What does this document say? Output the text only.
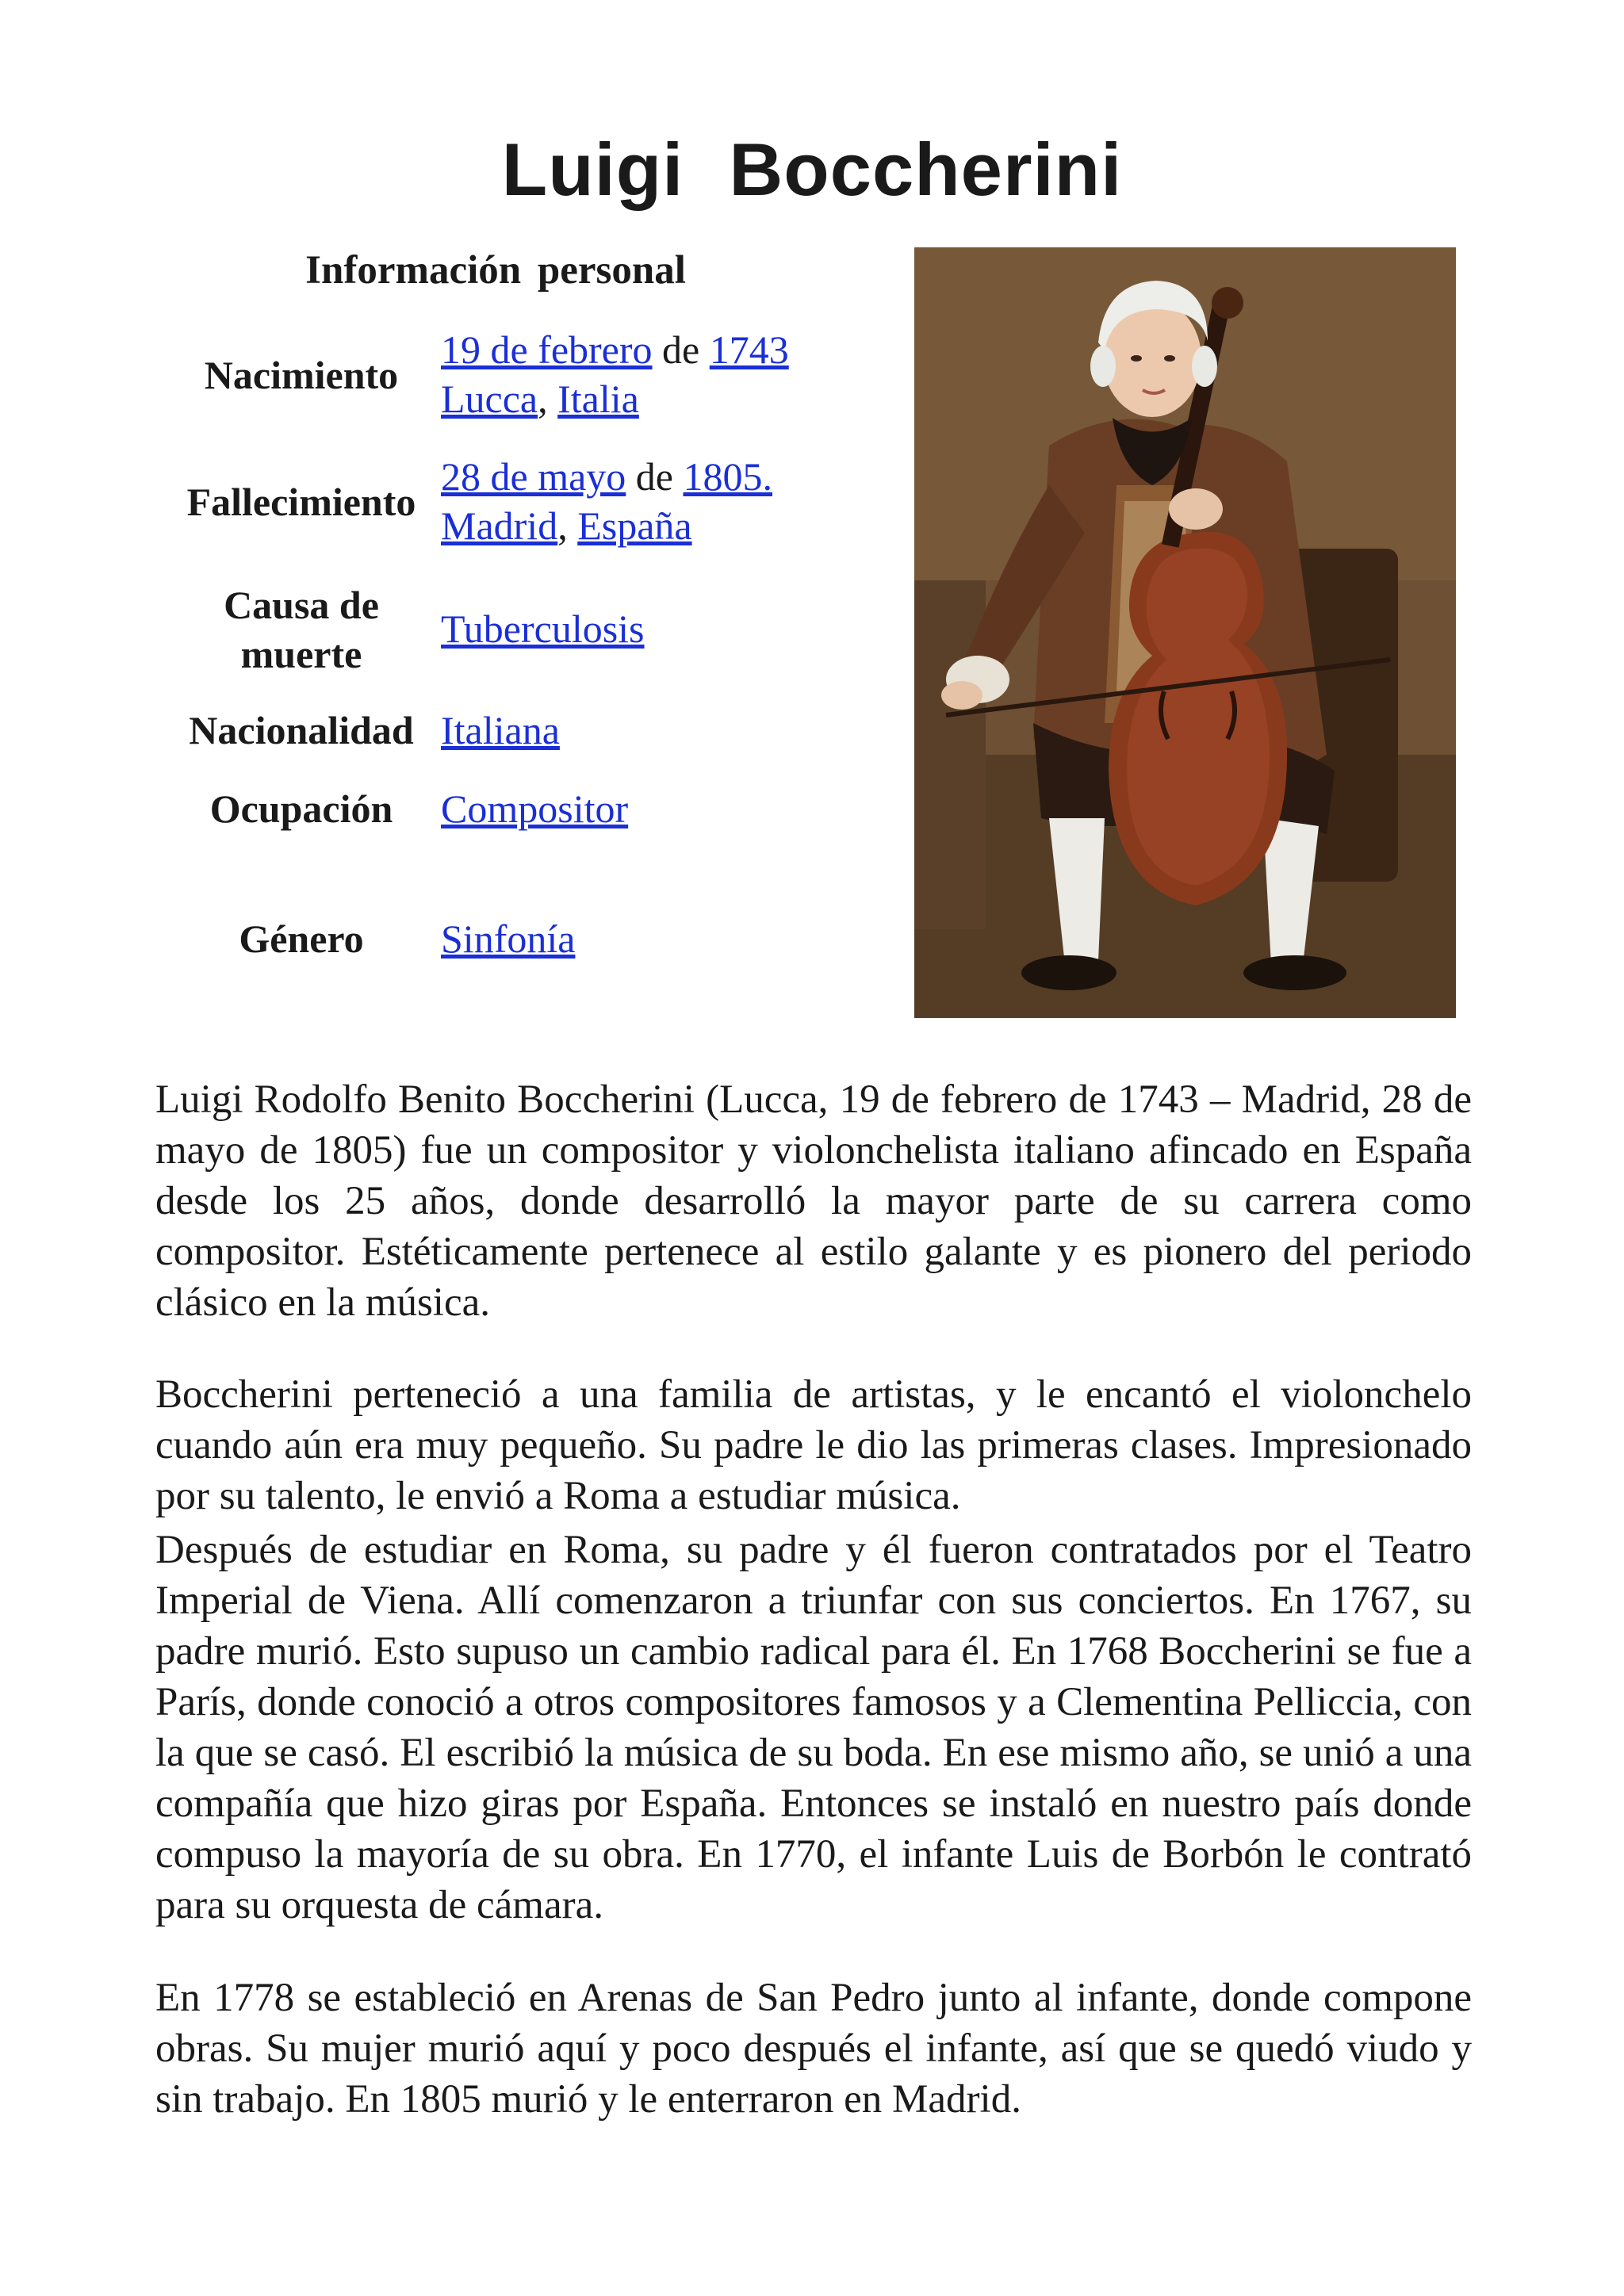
Luigi Boccherini
Información personal
Nacimiento
19 de febrero de 1743
Lucca, Italia
Fallecimiento
28 de mayo de 1805.
Madrid, España
Causa de
muerte
Tuberculosis
Nacionalidad Italiana
Ocupación	Compositor
Género	Sinfonía

Luigi Rodolfo Benito Boccherini (Lucca, 19 de febrero de 1743 – Madrid, 28 de mayo de 1805) fue un compositor y violonchelista italiano afincado en España desde los 25 años, donde desarrolló la mayor parte de su carrera como compositor. Estéticamente pertenece al estilo galante y es pionero del periodo clásico en la música.

Boccherini perteneció a una familia de artistas, y le encantó el violonchelo cuando aún era muy pequeño. Su padre le dio las primeras clases. Impresionado por su talento, le envió a Roma a estudiar música.

Después de estudiar en Roma, su padre y él fueron contratados por el Teatro Imperial de Viena. Allí comenzaron a triunfar con sus conciertos. En 1767, su padre murió. Esto supuso un cambio radical para él. En 1768 Boccherini se fue a París, donde conoció a otros compositores famosos y a Clementina Pelliccia, con la que se casó. El escribió la música de su boda. En ese mismo año, se unió a una compañía que hizo giras por España. Entonces se instaló en nuestro país donde compuso la mayoría de su obra. En 1770, el infante Luis de Borbón le contrató para su orquesta de cámara.

En 1778 se estableció en Arenas de San Pedro junto al infante, donde compone obras. Su mujer murió aquí y poco después el infante, así que se quedó viudo y sin trabajo. En 1805 murió y le enterraron en Madrid.
